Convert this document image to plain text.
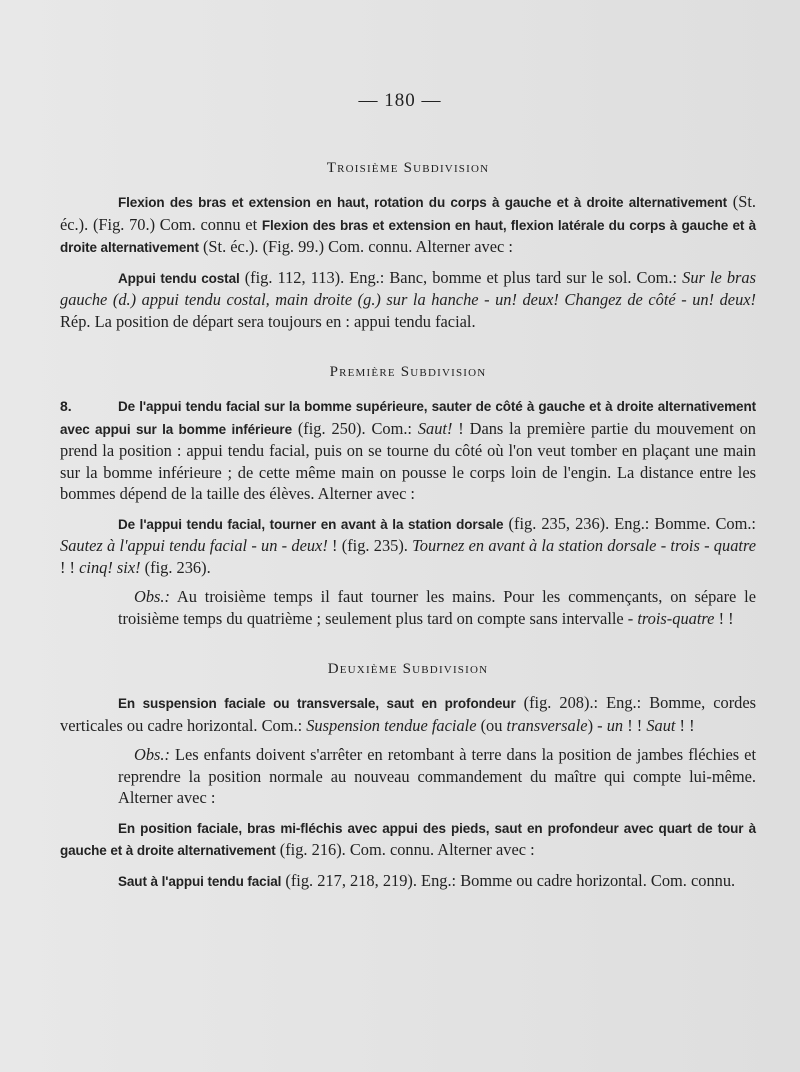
— 180 —
Troisième Subdivision

Flexion des bras et extension en haut, rotation du corps à gauche et à droite alternativement (St. éc.). (Fig. 70.) Com. connu et Flexion des bras et extension en haut, flexion latérale du corps à gauche et à droite alternativement (St. éc.). (Fig. 99.) Com. connu. Alterner avec :

Appui tendu costal (fig. 112, 113). Eng.: Banc, bomme et plus tard sur le sol. Com.: Sur le bras gauche (d.) appui tendu costal, main droite (g.) sur la hanche - un! deux! Changez de côté - un! deux! Rép. La position de départ sera toujours en : appui tendu facial.

Première Subdivision

8.	De l'appui tendu facial sur la bomme supérieure, sauter de côté à gauche et à droite alternativement avec appui sur la bomme inférieure (fig. 250). Com.: Saut! ! Dans la première partie du mouvement on prend la position : appui tendu facial, puis on se tourne du côté où l'on veut tomber en plaçant une main sur la bomme inférieure ; de cette même main on pousse le corps loin de l'engin. La distance entre les bommes dépend de la taille des élèves. Alterner avec :

De l'appui tendu facial, tourner en avant à la station dorsale (fig. 235, 236). Eng.: Bomme. Com.: Sautez à l'appui tendu facial - un - deux! ! (fig. 235). Tournez en avant à la station dorsale - trois - quatre ! ! cinq! six! (fig. 236).

Obs.: Au troisième temps il faut tourner les mains. Pour les commençants, on sépare le troisième temps du quatrième ; seulement plus tard on compte sans intervalle - trois-quatre ! !

Deuxième Subdivision

En suspension faciale ou transversale, saut en profondeur (fig. 208).: Eng.: Bomme, cordes verticales ou cadre horizontal. Com.: Suspension tendue faciale (ou transversale) - un ! ! Saut ! !

Obs.: Les enfants doivent s'arrêter en retombant à terre dans la position de jambes fléchies et reprendre la position normale au nouveau commandement du maître qui compte lui-même. Alterner avec :

En position faciale, bras mi-fléchis avec appui des pieds, saut en profondeur avec quart de tour à gauche et à droite alternativement (fig. 216). Com. connu. Alterner avec :

Saut à l'appui tendu facial (fig. 217, 218, 219). Eng.: Bomme ou cadre horizontal. Com. connu.
